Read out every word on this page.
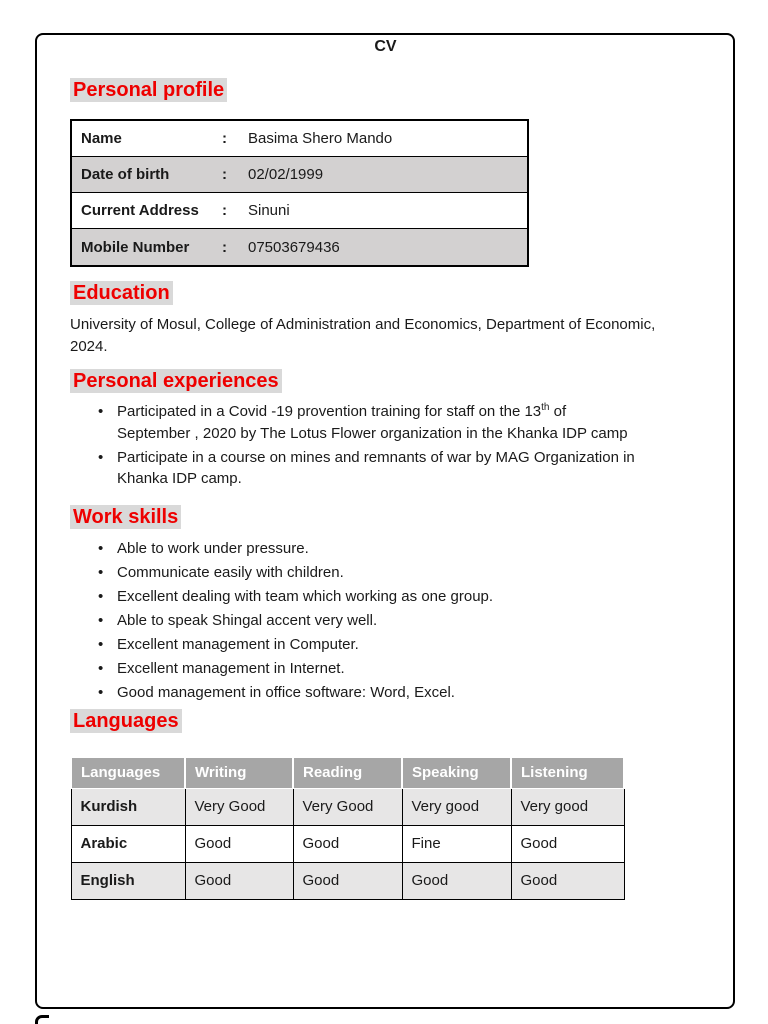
CV
Personal profile
Name	:	Basima Shero Mando
Date of birth	:	02/02/1999
Current Address	:	Sinuni
Mobile Number	:	07503679436
Education

University of Mosul, College of Administration and Economics, Department of Economic, 2024.

Personal experiences
• Participated in a Covid -19 provention training for staff on the 13th of September , 2020 by The Lotus Flower organization in the Khanka IDP camp
• Participate in a course on mines and remnants of war by MAG Organization in Khanka IDP camp.
Work skills
• Able to work under pressure.
• Communicate easily with children.
• Excellent dealing with team which working as one group.
• Able to speak Shingal accent very well.
• Excellent management in Computer.
• Excellent management in Internet.
• Good management in office software: Word, Excel.
Languages
Languages	Writing	Reading	Speaking	Listening
Kurdish	Very Good	Very Good	Very good	Very good
Arabic	Good	Good	Fine	Good
English	Good	Good	Good	Good
